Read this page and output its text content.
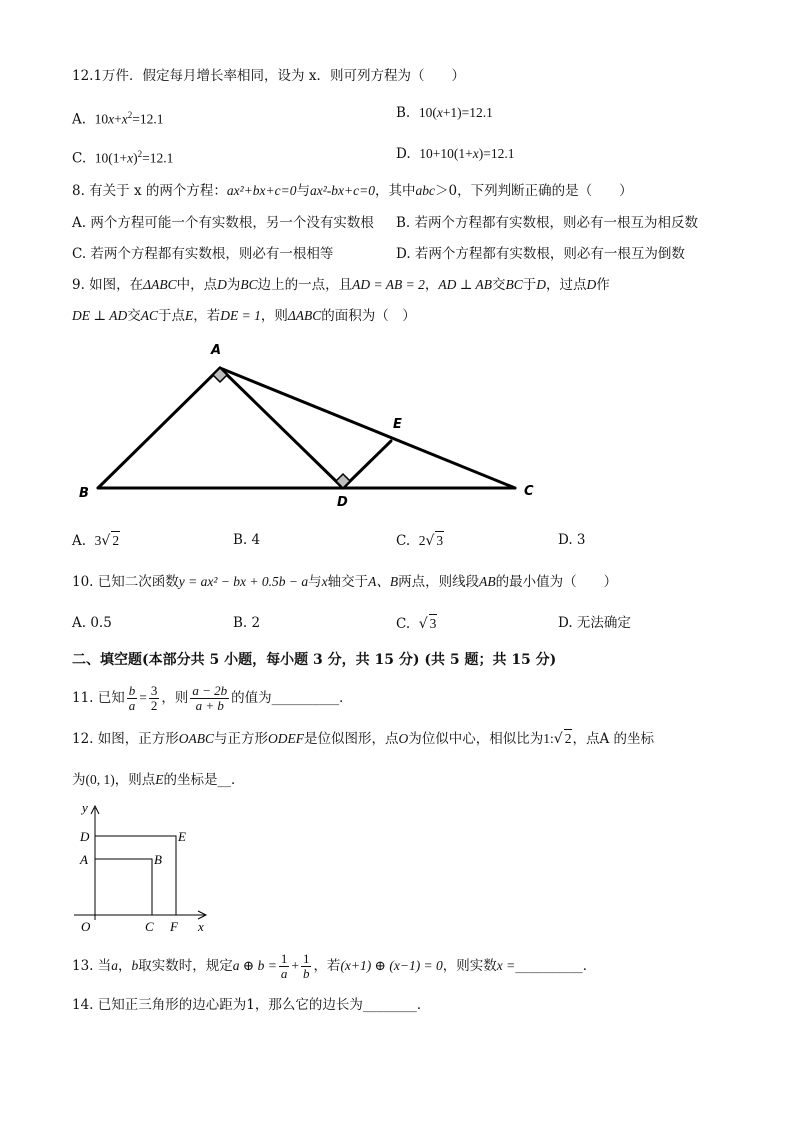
12.1万件．假定每月增长率相同，设为 x．则可列方程为（　　）
A. $10x+x^2=12.1$	B. 10(x+1)=12.1
C. $10(1+x)^2=12.1$	D. 10+10(1+x)=12.1
8. 有关于 x 的两个方程：ax²+bx+c=0与ax²-bx+c=0，其中abc＞0，下列判断正确的是（　　）
A. 两个方程可能一个有实数根，另一个没有实数根 B. 若两个方程都有实数根，则必有一根互为相反数
C. 若两个方程都有实数根，则必有一根相等	D. 若两个方程都有实数根，则必有一根互为倒数
9. 如图，在ΔABC中，点D为BC边上的一点，且AD = AB = 2，AD ⊥ AB交BC于D，过点D作
DE ⊥ AD交AC于点E，若DE = 1，则ΔABC的面积为（　）
A
B	C
D
E
A. 3√ 2	B. 4	C. 2√ 3	D. 3
10. 已知二次函数y = ax² − bx + 0.5b − a与x轴交于A、B两点，则线段AB的最小值为（　　）
A. 0.5	B. 2	C. √ 3	D. 无法确定
二、填空题(本部分共 5 小题，每小题 3 分，共 15 分) (共 5 题；共 15 分)
11. 已知 $\frac{b}{a} = \frac{3}{2}$ ，则 $\frac{a - 2b}{a + b}$ 的值为__________．
12. 如图，正方形OABC与正方形ODEF是位似图形，点O为位似中心，相似比为1:√ 2，点A 的坐标
为(0, 1)，则点E的坐标是__．
y
x
D	E
A	B
O	C F
13. 当a，b取实数时，规定a ⊕ $b = \frac{1}{a} + \frac{1}{b}$ ，若(x+1) ⊕ (x−1) = 0，则实数x =__________．
14. 已知正三角形的边心距为1，那么它的边长为________．
